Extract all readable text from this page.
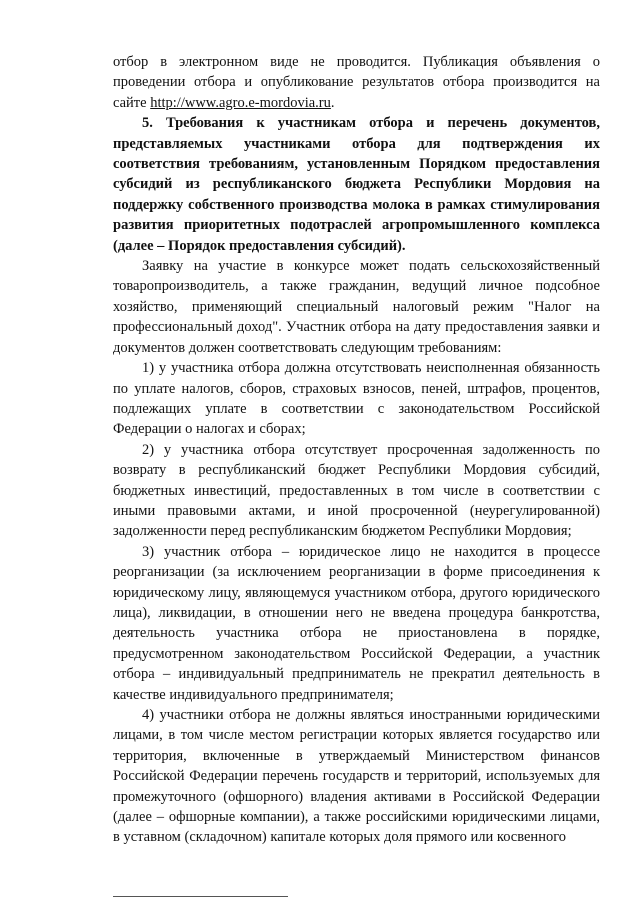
отбор в электронном виде не проводится. Публикация объявления о проведении отбора и опубликование результатов отбора производится на сайте http://www.agro.e-mordovia.ru.

5. Требования к участникам отбора и перечень документов, представляемых участниками отбора для подтверждения их соответствия требованиям, установленным Порядком предоставления субсидий из республиканского бюджета Республики Мордовия на поддержку собственного производства молока в рамках стимулирования развития приоритетных подотраслей агропромышленного комплекса (далее – Порядок предоставления субсидий).

Заявку на участие в конкурсе может подать сельскохозяйственный товаропроизводитель, а также гражданин, ведущий личное подсобное хозяйство, применяющий специальный налоговый режим "Налог на профессиональный доход". Участник отбора на дату предоставления заявки и документов должен соответствовать следующим требованиям:

1) у участника отбора должна отсутствовать неисполненная обязанность по уплате налогов, сборов, страховых взносов, пеней, штрафов, процентов, подлежащих уплате в соответствии с законодательством Российской Федерации о налогах и сборах;

2) у участника отбора отсутствует просроченная задолженность по возврату в республиканский бюджет Республики Мордовия субсидий, бюджетных инвестиций, предоставленных в том числе в соответствии с иными правовыми актами, и иной просроченной (неурегулированной) задолженности перед республиканским бюджетом Республики Мордовия;

3) участник отбора – юридическое лицо не находится в процессе реорганизации (за исключением реорганизации в форме присоединения к юридическому лицу, являющемуся участником отбора, другого юридического лица), ликвидации, в отношении него не введена процедура банкротства, деятельность участника отбора не приостановлена в порядке, предусмотренном законодательством Российской Федерации, а участник отбора – индивидуальный предприниматель не прекратил деятельность в качестве индивидуального предпринимателя;

4) участники отбора не должны являться иностранными юридическими лицами, в том числе местом регистрации которых является государство или территория, включенные в утверждаемый Министерством финансов Российской Федерации перечень государств и территорий, используемых для промежуточного (офшорного) владения активами в Российской Федерации (далее – офшорные компании), а также российскими юридическими лицами, в уставном (складочном) капитале которых доля прямого или косвенного
